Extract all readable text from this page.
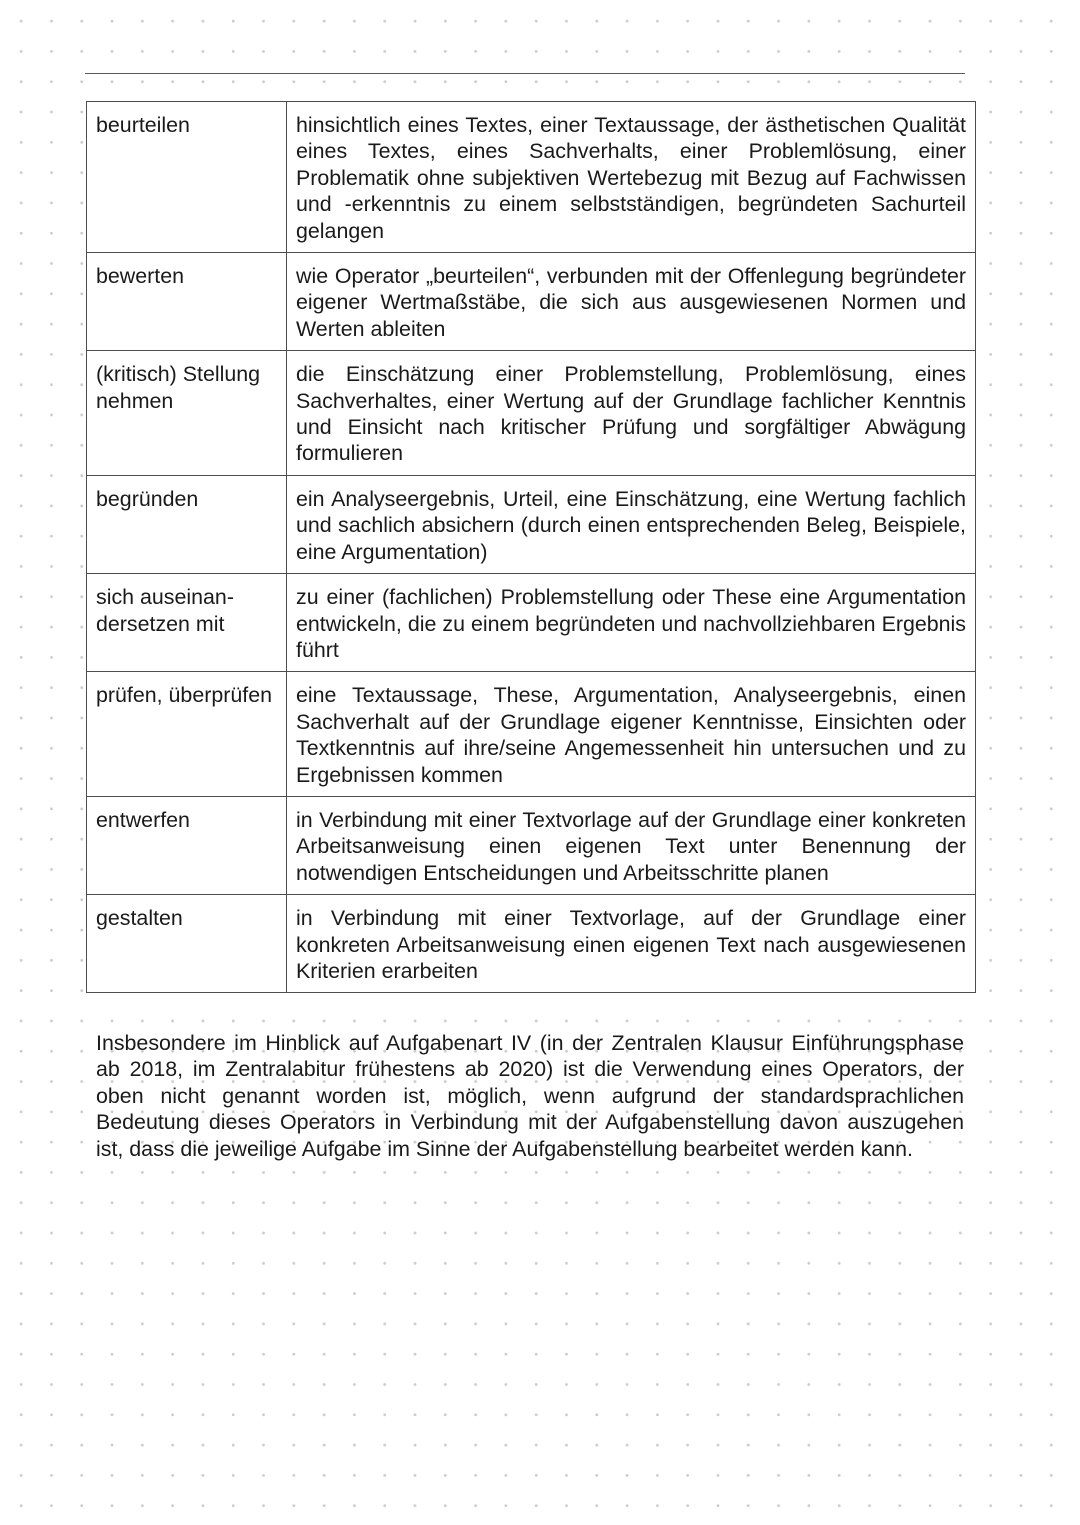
beurteilen	hinsichtlich eines Textes, einer Textaussage, der ästhetischen Qualität eines Textes, eines Sachverhalts, einer Problemlösung, einer Problematik ohne subjektiven Wertebezug mit Bezug auf Fachwissen und -erkenntnis zu einem selbstständigen, begründeten Sachurteil gelangen
bewerten	wie Operator „beurteilen“, verbunden mit der Offenlegung begründeter eigener Wertmaßstäbe, die sich aus ausgewiesenen Normen und Werten ableiten
(kritisch) Stellung nehmen	die Einschätzung einer Problemstellung, Problemlösung, eines Sachverhaltes, einer Wertung auf der Grundlage fachlicher Kenntnis und Einsicht nach kritischer Prüfung und sorgfältiger Abwägung formulieren
begründen	ein Analyseergebnis, Urteil, eine Einschätzung, eine Wertung fachlich und sachlich absichern (durch einen entsprechenden Beleg, Beispiele, eine Argumentation)
sich auseinandersetzen mit	zu einer (fachlichen) Problemstellung oder These eine Argumentation entwickeln, die zu einem begründeten und nachvollziehbaren Ergebnis führt
prüfen, überprüfen	eine Textaussage, These, Argumentation, Analyseergebnis, einen Sachverhalt auf der Grundlage eigener Kenntnisse, Einsichten oder Textkenntnis auf ihre/seine Angemessenheit hin untersuchen und zu Ergebnissen kommen
entwerfen	in Verbindung mit einer Textvorlage auf der Grundlage einer konkreten Arbeitsanweisung einen eigenen Text unter Benennung der notwendigen Entscheidungen und Arbeitsschritte planen
gestalten	in Verbindung mit einer Textvorlage, auf der Grundlage einer konkreten Arbeitsanweisung einen eigenen Text nach ausgewiesenen Kriterien erarbeiten

Insbesondere im Hinblick auf Aufgabenart IV (in der Zentralen Klausur Einführungsphase ab 2018, im Zentralabitur frühestens ab 2020) ist die Verwendung eines Operators, der oben nicht genannt worden ist, möglich, wenn aufgrund der standardsprachlichen Bedeutung dieses Operators in Verbindung mit der Aufgabenstellung davon auszugehen ist, dass die jeweilige Aufgabe im Sinne der Aufgabenstellung bearbeitet werden kann.
